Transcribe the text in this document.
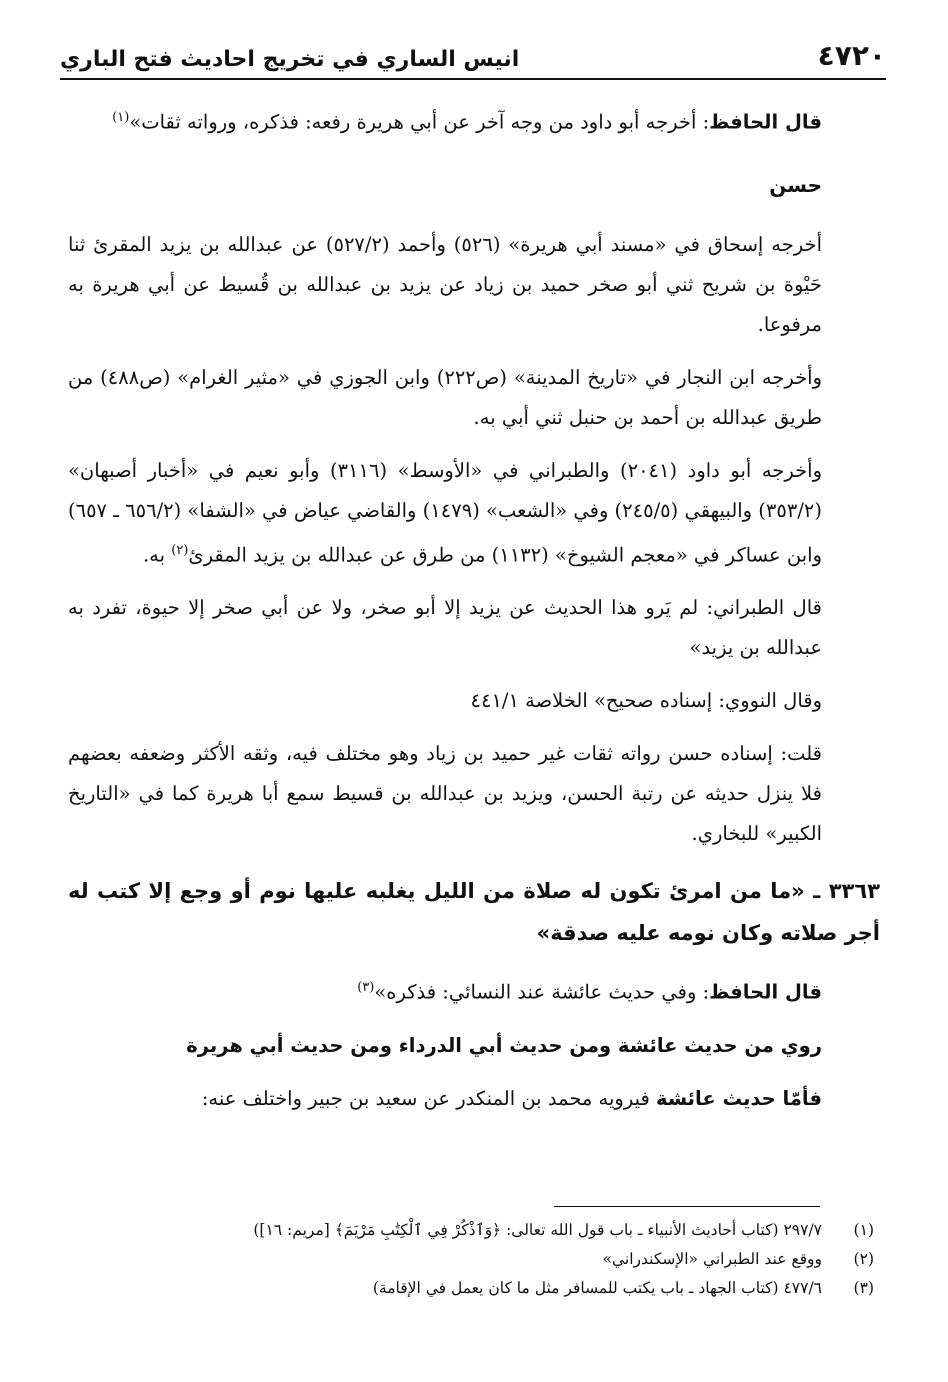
٤٧٢٠
انيس الساري في تخريج احاديث فتح الباري

قال الحافظ: أخرجه أبو داود من وجه آخر عن أبي هريرة رفعه: فذكره، ورواته ثقات»$^{(١)}$

حسن

أخرجه إسحاق في «مسند أبي هريرة» (٥٢٦) وأحمد (٥٢٧/٢) عن عبدالله بن يزيد المقرئ ثنا حَيْوة بن شريح ثني أبو صخر حميد بن زياد عن يزيد بن عبدالله بن قُسيط عن أبي هريرة به مرفوعا.

وأخرجه ابن النجار في «تاريخ المدينة» (ص٢٢٢) وابن الجوزي في «مثير الغرام» (ص٤٨٨) من طريق عبدالله بن أحمد بن حنبل ثني أبي به.

وأخرجه أبو داود (٢٠٤١) والطبراني في «الأوسط» (٣١١٦) وأبو نعيم في «أخبار أصبهان» (٣٥٣/٢) والبيهقي (٢٤٥/٥) وفي «الشعب» (١٤٧٩) والقاضي عياض في «الشفا» (٦٥٦/٢ ـ ٦٥٧) وابن عساكر في «معجم الشيوخ» (١١٣٢) من طرق عن عبدالله بن يزيد المقرئ$^{(٢)}$ به.

قال الطبراني: لم يَرو هذا الحديث عن يزيد إلا أبو صخر، ولا عن أبي صخر إلا حيوة، تفرد به عبدالله بن يزيد»

وقال النووي: إسناده صحيح» الخلاصة ٤٤١/١

قلت: إسناده حسن رواته ثقات غير حميد بن زياد وهو مختلف فيه، وثقه الأكثر وضعفه بعضهم فلا ينزل حديثه عن رتبة الحسن، ويزيد بن عبدالله بن قسيط سمع أبا هريرة كما في «التاريخ الكبير» للبخاري.

٣٣٦٣ ـ «ما من امرئ تكون له صلاة من الليل يغلبه عليها نوم أو وجع إلا كتب له أجر صلاته وكان نومه عليه صدقة»

قال الحافظ: وفي حديث عائشة عند النسائي: فذكره»$^{(٣)}$

روي من حديث عائشة ومن حديث أبي الدرداء ومن حديث أبي هريرة

فأمّا حديث عائشة فيرويه محمد بن المنكدر عن سعيد بن جبير واختلف عنه:

(١)
٢٩٧/٧ (كتاب أحاديث الأنبياء ـ باب قول الله تعالى: ﴿وَٱذْكُرْ فِي ٱلْكِتَٰبِ مَرْيَمَ﴾ [مريم: ١٦])
(٢)
ووقع عند الطبراني «الإسكندراني»
(٣)
٤٧٧/٦ (كتاب الجهاد ـ باب يكتب للمسافر مثل ما كان يعمل في الإقامة)
